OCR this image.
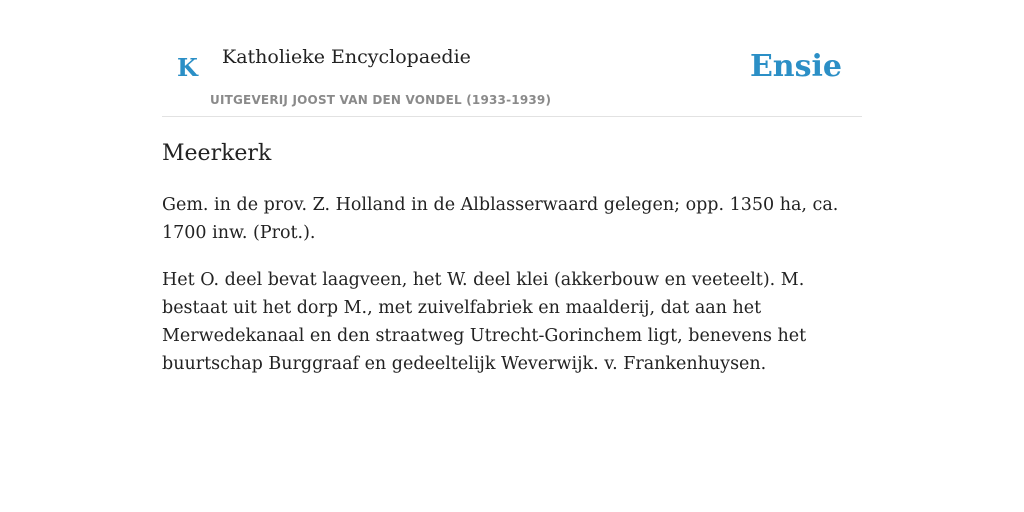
K Katholieke Encyclopaedie
UITGEVERIJ JOOST VAN DEN VONDEL (1933-1939)
Ensie
Meerkerk

Gem. in de prov. Z. Holland in de Alblasserwaard gelegen; opp. 1350 ha, ca. 1700 inw. (Prot.).

Het O. deel bevat laagveen, het W. deel klei (akkerbouw en veeteelt). M. bestaat uit het dorp M., met zuivelfabriek en maalderij, dat aan het Merwedekanaal en den straatweg Utrecht-Gorinchem ligt, benevens het buurtschap Burggraaf en gedeeltelijk Weverwijk. v. Frankenhuysen.
